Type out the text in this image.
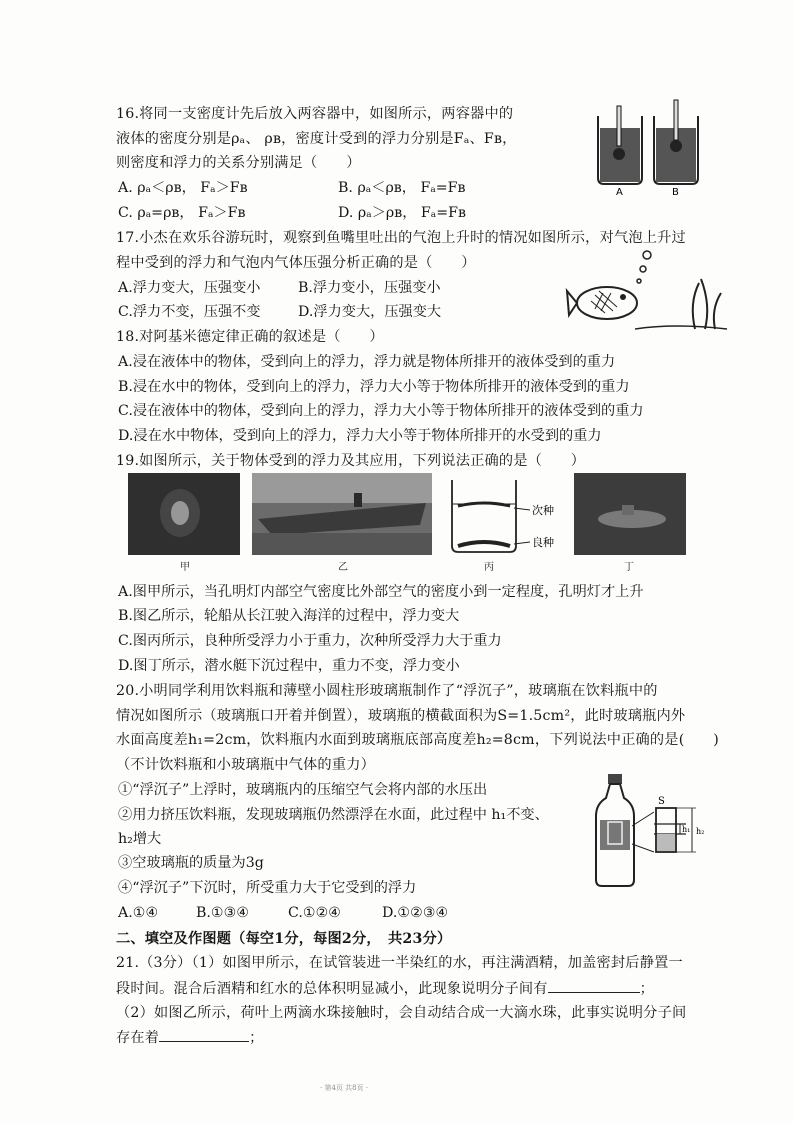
16.将同一支密度计先后放入两容器中，如图所示，两容器中的
液体的密度分别是ρₐ、 ρʙ，密度计受到的浮力分别是Fₐ、Fʙ，
则密度和浮力的关系分别满足（　　）
A. ρₐ＜ρʙ， Fₐ＞Fʙ	B. ρₐ＜ρʙ， Fₐ=Fʙ
C. ρₐ=ρʙ， Fₐ＞Fʙ	D. ρₐ＞ρʙ， Fₐ=Fʙ
A	B
17.小杰在欢乐谷游玩时，观察到鱼嘴里吐出的气泡上升时的情况如图所示，对气泡上升过
程中受到的浮力和气泡内气体压强分析正确的是（　　）
A.浮力变大，压强变小	B.浮力变小，压强变小
C.浮力不变，压强不变	D.浮力变大，压强变大
18.对阿基米德定律正确的叙述是（　　）
A.浸在液体中的物体，受到向上的浮力，浮力就是物体所排开的液体受到的重力
B.浸在水中的物体，受到向上的浮力，浮力大小等于物体所排开的液体受到的重力
C.浸在液体中的物体，受到向上的浮力，浮力大小等于物体所排开的液体受到的重力
D.浸在水中物体，受到向上的浮力，浮力大小等于物体所排开的水受到的重力
19.如图所示，关于物体受到的浮力及其应用，下列说法正确的是（　　）
甲	乙
次种
良种
丙	丁
A.图甲所示，当孔明灯内部空气密度比外部空气的密度小到一定程度，孔明灯才上升
B.图乙所示，轮船从长江驶入海洋的过程中，浮力变大
C.图丙所示，良种所受浮力小于重力，次种所受浮力大于重力
D.图丁所示，潜水艇下沉过程中，重力不变，浮力变小
20.小明同学利用饮料瓶和薄壁小圆柱形玻璃瓶制作了“浮沉子”，玻璃瓶在饮料瓶中的
情况如图所示（玻璃瓶口开着并倒置），玻璃瓶的横截面积为S=1.5cm²，此时玻璃瓶内外
水面高度差h₁=2cm，饮料瓶内水面到玻璃瓶底部高度差h₂=8cm，下列说法中正确的是(　　)
（不计饮料瓶和小玻璃瓶中气体的重力）
①“浮沉子”上浮时，玻璃瓶内的压缩空气会将内部的水压出
②用力挤压饮料瓶，发现玻璃瓶仍然漂浮在水面，此过程中 h₁不变、
h₂增大
③空玻璃瓶的质量为3g
④“浮沉子”下沉时，所受重力大于它受到的浮力
A.①④	B.①③④	C.①②④	D.①②③④
S
h₁ h₂
二、填空及作图题（每空1分，每图2分，　共23分）
21.（3分）（1）如图甲所示，在试管装进一半染红的水，再注满酒精，加盖密封后静置一
段时间。混合后酒精和红水的总体积明显减小，此现象说明分子间有	；
（2）如图乙所示，荷叶上两滴水珠接触时，会自动结合成一大滴水珠，此事实说明分子间
存在着	；
· 第4页 共8页 ·
